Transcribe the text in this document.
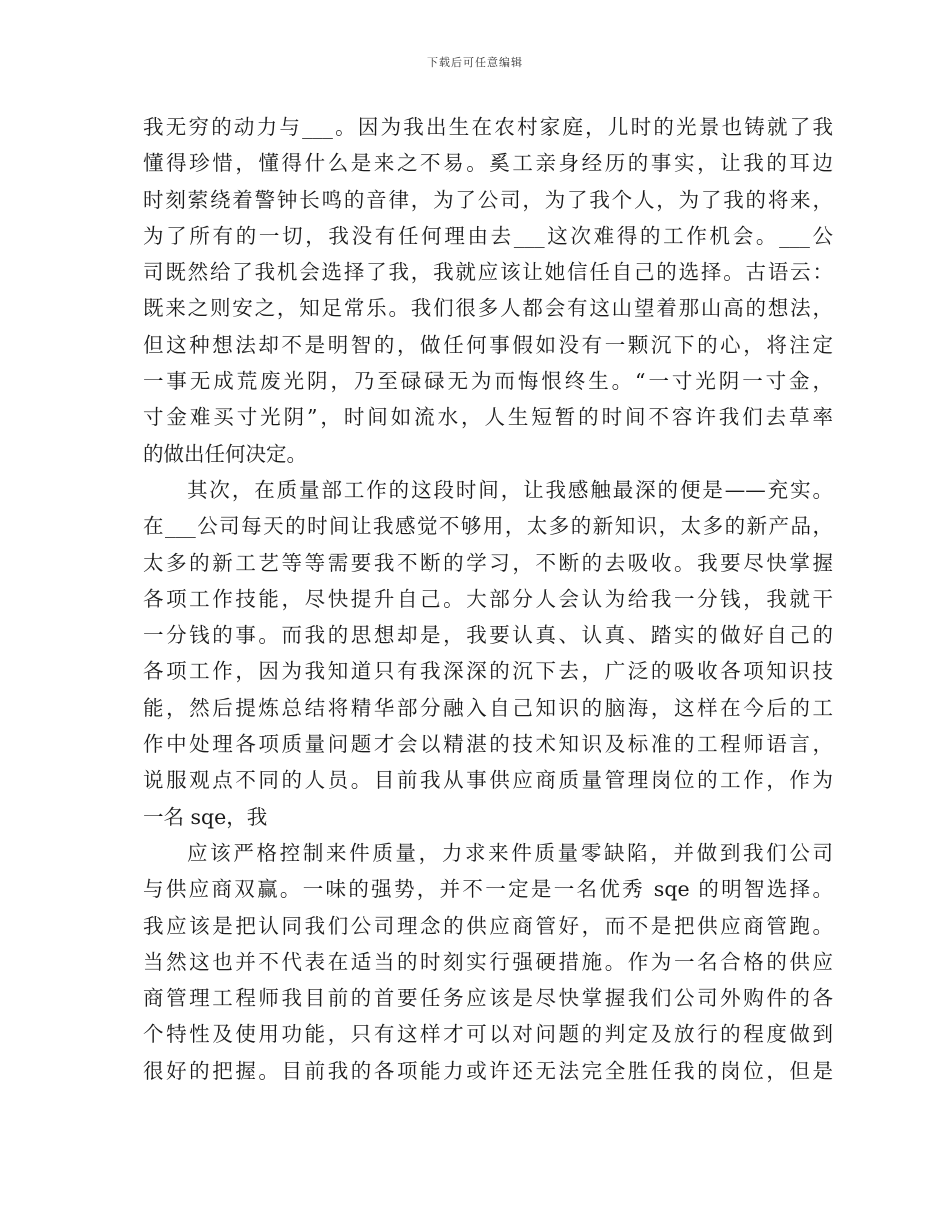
下载后可任意编辑
我无穷的动力与___。因为我出生在农村家庭，儿时的光景也铸就了我
懂得珍惜，懂得什么是来之不易。奚工亲身经历的事实，让我的耳边
时刻萦绕着警钟长鸣的音律，为了公司，为了我个人，为了我的将来，
为了所有的一切，我没有任何理由去___这次难得的工作机会。___公
司既然给了我机会选择了我，我就应该让她信任自己的选择。古语云：
既来之则安之，知足常乐。我们很多人都会有这山望着那山高的想法，
但这种想法却不是明智的，做任何事假如没有一颗沉下的心，将注定
一事无成荒废光阴，乃至碌碌无为而悔恨终生。“一寸光阴一寸金，
寸金难买寸光阴”，时间如流水，人生短暂的时间不容许我们去草率
的做出任何决定。
其次，在质量部工作的这段时间，让我感触最深的便是——充实。
在___公司每天的时间让我感觉不够用，太多的新知识，太多的新产品，
太多的新工艺等等需要我不断的学习，不断的去吸收。我要尽快掌握
各项工作技能，尽快提升自己。大部分人会认为给我一分钱，我就干
一分钱的事。而我的思想却是，我要认真、认真、踏实的做好自己的
各项工作，因为我知道只有我深深的沉下去，广泛的吸收各项知识技
能，然后提炼总结将精华部分融入自己知识的脑海，这样在今后的工
作中处理各项质量问题才会以精湛的技术知识及标准的工程师语言，
说服观点不同的人员。目前我从事供应商质量管理岗位的工作，作为
一名 sqe，我
应该严格控制来件质量，力求来件质量零缺陷，并做到我们公司
与供应商双赢。一味的强势，并不一定是一名优秀 sqe 的明智选择。
我应该是把认同我们公司理念的供应商管好，而不是把供应商管跑。
当然这也并不代表在适当的时刻实行强硬措施。作为一名合格的供应
商管理工程师我目前的首要任务应该是尽快掌握我们公司外购件的各
个特性及使用功能，只有这样才可以对问题的判定及放行的程度做到
很好的把握。目前我的各项能力或许还无法完全胜任我的岗位，但是
